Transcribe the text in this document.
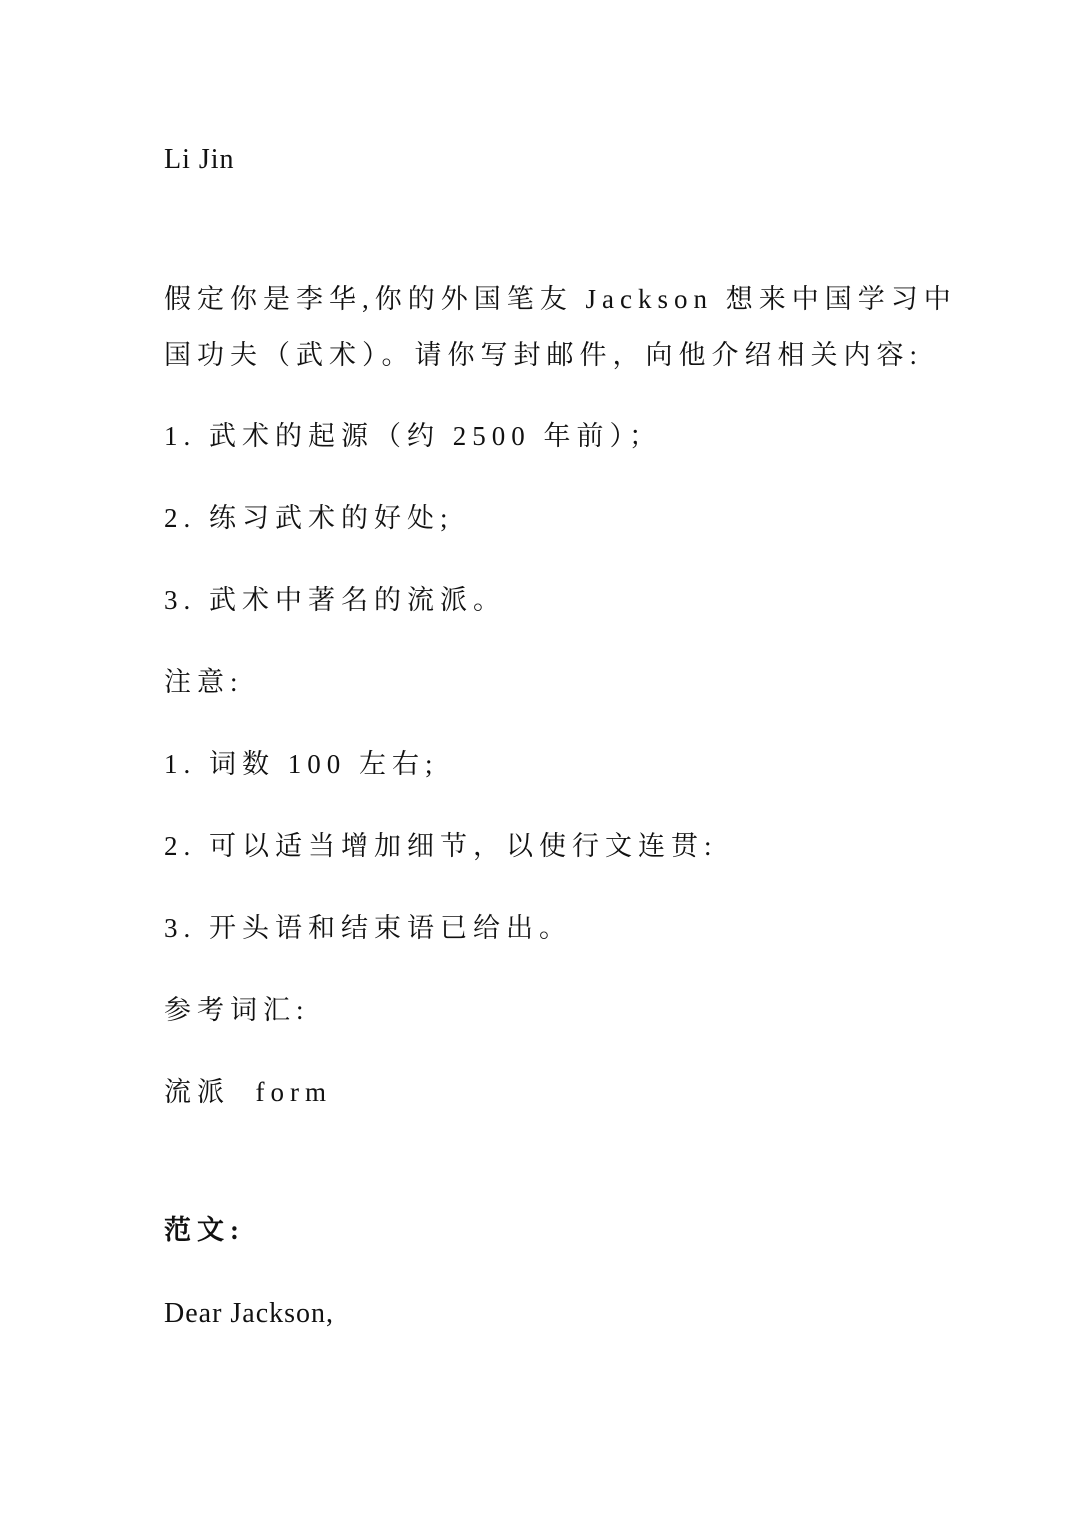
Li Jin
假定你是李华,你的外国笔友 Jackson 想来中国学习中
国功夫（武术）。请你写封邮件，向他介绍相关内容:
1. 武术的起源（约 2500 年前）；
2. 练习武术的好处;
3. 武术中著名的流派。
注意:
1. 词数 100 左右;
2. 可以适当增加细节，以使行文连贯:
3. 开头语和结束语已给出。
参考词汇:
流派  form
范文:
Dear Jackson,
